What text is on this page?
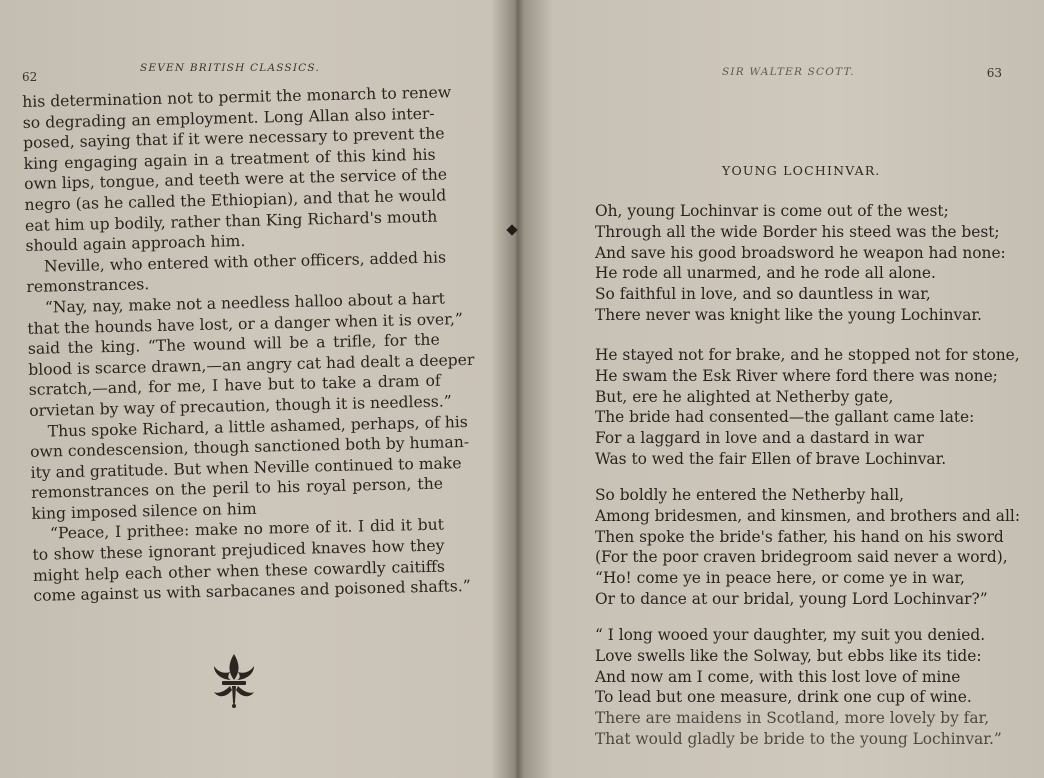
62
SEVEN BRITISH CLASSICS.

his determination not to permit the monarch to renew
so degrading an employment. Long Allan also inter-
posed, saying that if it were necessary to prevent the
king engaging again in a treatment of this kind his
own lips, tongue, and teeth were at the service of the
negro (as he called the Ethiopian), and that he would
eat him up bodily, rather than King Richard's mouth
should again approach him.

Neville, who entered with other officers, added his
remonstrances.

“Nay, nay, make not a needless halloo about a hart
that the hounds have lost, or a danger when it is over,”
said the king. “The wound will be a trifle, for the
blood is scarce drawn,—an angry cat had dealt a deeper
scratch,—and, for me, I have but to take a dram of
orvietan by way of precaution, though it is needless.”

Thus spoke Richard, a little ashamed, perhaps, of his
own condescension, though sanctioned both by human-
ity and gratitude. But when Neville continued to make
remonstrances on the peril to his royal person, the
king imposed silence on him

“Peace, I prithee: make no more of it. I did it but
to show these ignorant prejudiced knaves how they
might help each other when these cowardly caitiffs
come against us with sarbacanes and poisoned shafts.”

SIR WALTER SCOTT.	63
YOUNG LOCHINVAR.
Oh, young Lochinvar is come out of the west;
Through all the wide Border his steed was the best;
And save his good broadsword he weapon had none:
He rode all unarmed, and he rode all alone.
So faithful in love, and so dauntless in war,
There never was knight like the young Lochinvar.
He stayed not for brake, and he stopped not for stone,
He swam the Esk River where ford there was none;
But, ere he alighted at Netherby gate,
The bride had consented—the gallant came late:
For a laggard in love and a dastard in war
Was to wed the fair Ellen of brave Lochinvar.
So boldly he entered the Netherby hall,
Among bridesmen, and kinsmen, and brothers and all:
Then spoke the bride's father, his hand on his sword
(For the poor craven bridegroom said never a word),
“Ho! come ye in peace here, or come ye in war,
Or to dance at our bridal, young Lord Lochinvar?”
“ I long wooed your daughter, my suit you denied.
Love swells like the Solway, but ebbs like its tide:
And now am I come, with this lost love of mine
To lead but one measure, drink one cup of wine.
There are maidens in Scotland, more lovely by far,
That would gladly be bride to the young Lochinvar.”
